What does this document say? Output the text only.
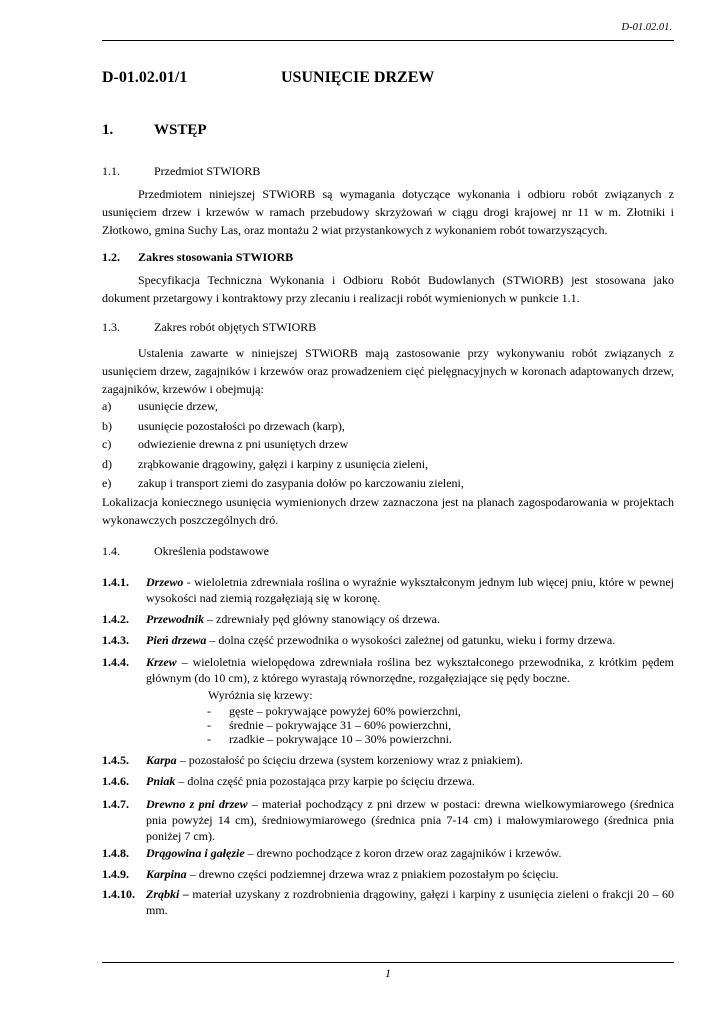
D-01.02.01.
D-01.02.01/1	USUNIĘCIE DRZEW
1.	WSTĘP
1.1.	Przedmiot STWIORB
Przedmiotem niniejszej STWiORB są wymagania dotyczące wykonania i odbioru robót związanych z usunięciem drzew i krzewów w ramach przebudowy skrzyżowań w ciągu drogi krajowej nr 11 w m. Złotniki i Złotkowo, gmina Suchy Las, oraz montażu 2 wiat przystankowych z wykonaniem robót towarzyszących.
1.2. Zakres stosowania STWIORB
Specyfikacja Techniczna Wykonania i Odbioru Robót Budowlanych (STWiORB) jest stosowana jako dokument przetargowy i kontraktowy przy zlecaniu i realizacji robót wymienionych w punkcie 1.1.
1.3.	Zakres robót objętych STWIORB
Ustalenia zawarte w niniejszej STWiORB mają zastosowanie przy wykonywaniu robót związanych z usunięciem drzew, zagajników i krzewów oraz prowadzeniem cięć pielęgnacyjnych w koronach adaptowanych drzew, zagajników, krzewów i obejmują:
a) usunięcie drzew,
b) usunięcie pozostałości po drzewach (karp),
c) odwiezienie drewna z pni usuniętych drzew
d) zrąbkowanie drągowiny, gałęzi i karpiny z usunięcia zieleni,
e) zakup i transport ziemi do zasypania dołów po karczowaniu zieleni,
Lokalizacja koniecznego usunięcia wymienionych drzew zaznaczona jest na planach zagospodarowania w projektach wykonawczych poszczególnych dró.
1.4.	Określenia podstawowe
1.4.1. Drzewo - wieloletnia zdrewniała roślina o wyraźnie wykształconym jednym lub więcej pniu, które w pewnej wysokości nad ziemią rozgałęziają się w koronę.
1.4.2. Przewodnik – zdrewniały pęd główny stanowiący oś drzewa.
1.4.3. Pień drzewa – dolna część przewodnika o wysokości zależnej od gatunku, wieku i formy drzewa.
1.4.4. Krzew – wieloletnia wielopędowa zdrewniała roślina bez wykształconego przewodnika, z krótkim pędem głównym (do 10 cm), z którego wyrastają równorzędne, rozgałęziające się pędy boczne.
Wyróżnia się krzewy:
- gęste – pokrywające powyżej 60% powierzchni,
- średnie – pokrywające 31 – 60% powierzchni,
- rzadkie – pokrywające 10 – 30% powierzchni.
1.4.5. Karpa – pozostałość po ścięciu drzewa (system korzeniowy wraz z pniakiem).
1.4.6. Pniak – dolna część pnia pozostająca przy karpie po ścięciu drzewa.
1.4.7. Drewno z pni drzew – materiał pochodzący z pni drzew w postaci: drewna wielkowymiarowego (średnica pnia powyżej 14 cm), średniowymiarowego (średnica pnia 7-14 cm) i małowymiarowego (średnica pnia poniżej 7 cm).
1.4.8. Drągowina i gałęzie – drewno pochodzące z koron drzew oraz zagajników i krzewów.
1.4.9. Karpina – drewno części podziemnej drzewa wraz z pniakiem pozostałym po ścięciu.
1.4.10. Zrąbki – materiał uzyskany z rozdrobnienia drągowiny, gałęzi i karpiny z usunięcia zieleni o frakcji 20 – 60 mm.
1
